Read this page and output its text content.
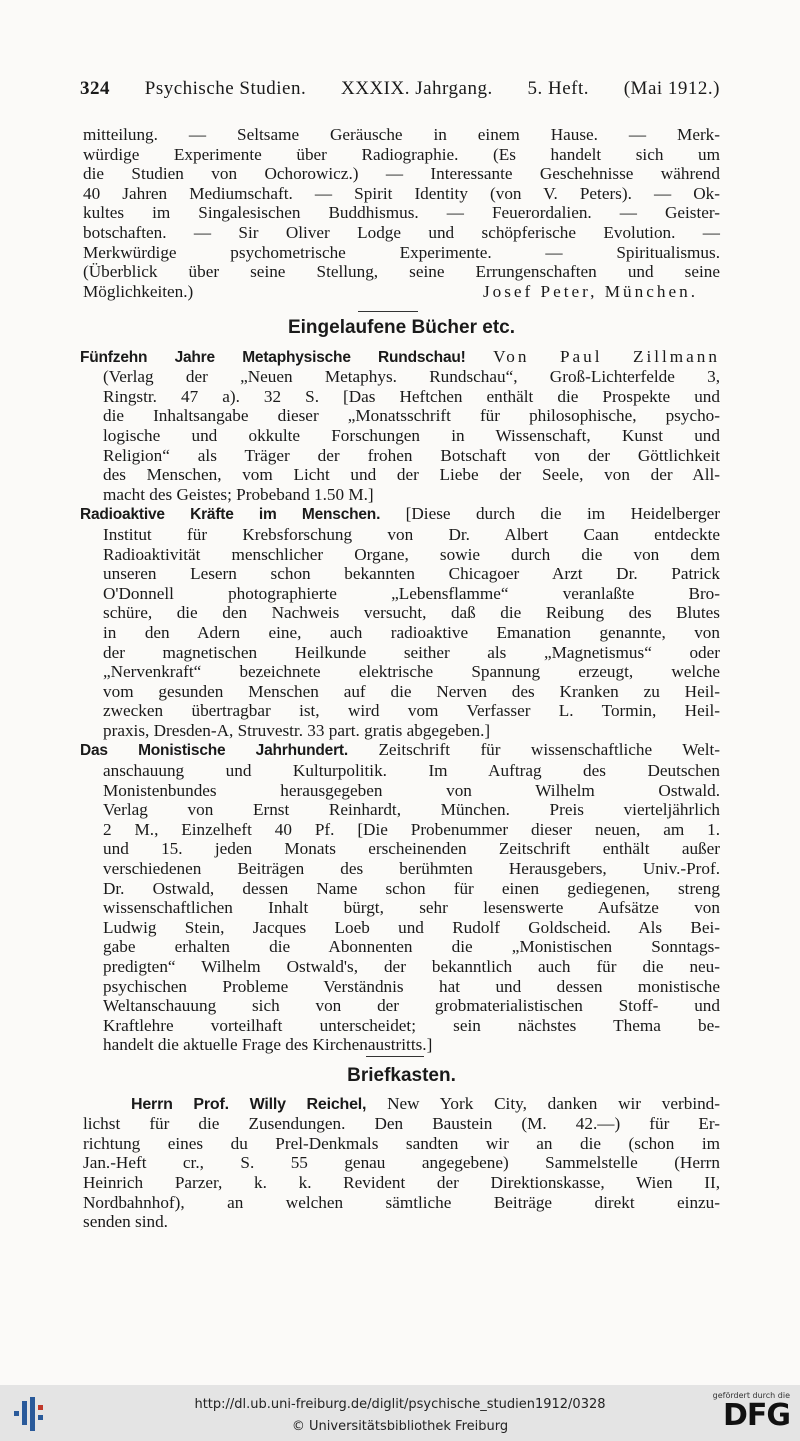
324 Psychische Studien. XXXIX. Jahrgang. 5. Heft. (Mai 1912.)
mitteilung. — Seltsame Geräusche in einem Hause. — Merk-
würdige Experimente über Radiographie. (Es handelt sich um
die Studien von Ochorowicz.) — Interessante Geschehnisse während
40 Jahren Mediumschaft. — Spirit Identity (von V. Peters). — Ok-
kultes im Singalesischen Buddhismus. — Feuerordalien. — Geister-
botschaften. — Sir Oliver Lodge und schöpferische Evolution. —
Merkwürdige psychometrische Experimente. — Spiritualismus.
(Überblick über seine Stellung, seine Errungenschaften und seine
Möglichkeiten.)	Josef Peter, München.
Eingelaufene Bücher etc.
Fünfzehn Jahre Metaphysische Rundschau! Von Paul Zillmann
(Verlag der „Neuen Metaphys. Rundschau“, Groß-Lichterfelde 3,
Ringstr. 47 a). 32 S. [Das Heftchen enthält die Prospekte und
die Inhaltsangabe dieser „Monatsschrift für philosophische, psycho-
logische und okkulte Forschungen in Wissenschaft, Kunst und
Religion“ als Träger der frohen Botschaft von der Göttlichkeit
des Menschen, vom Licht und der Liebe der Seele, von der All-
macht des Geistes; Probeband 1.50 M.]
Radioaktive Kräfte im Menschen. [Diese durch die im Heidelberger
Institut für Krebsforschung von Dr. Albert Caan entdeckte
Radioaktivität menschlicher Organe, sowie durch die von dem
unseren Lesern schon bekannten Chicagoer Arzt Dr. Patrick
O'Donnell photographierte „Lebensflamme“ veranlaßte Bro-
schüre, die den Nachweis versucht, daß die Reibung des Blutes
in den Adern eine, auch radioaktive Emanation genannte, von
der magnetischen Heilkunde seither als „Magnetismus“ oder
„Nervenkraft“ bezeichnete elektrische Spannung erzeugt, welche
vom gesunden Menschen auf die Nerven des Kranken zu Heil-
zwecken übertragbar ist, wird vom Verfasser L. Tormin, Heil-
praxis, Dresden-A, Struvestr. 33 part. gratis abgegeben.]
Das Monistische Jahrhundert. Zeitschrift für wissenschaftliche Welt-
anschauung und Kulturpolitik. Im Auftrag des Deutschen
Monistenbundes herausgegeben von Wilhelm Ostwald.
Verlag von Ernst Reinhardt, München. Preis vierteljährlich
2 M., Einzelheft 40 Pf. [Die Probenummer dieser neuen, am 1.
und 15. jeden Monats erscheinenden Zeitschrift enthält außer
verschiedenen Beiträgen des berühmten Herausgebers, Univ.-Prof.
Dr. Ostwald, dessen Name schon für einen gediegenen, streng
wissenschaftlichen Inhalt bürgt, sehr lesenswerte Aufsätze von
Ludwig Stein, Jacques Loeb und Rudolf Goldscheid. Als Bei-
gabe erhalten die Abonnenten die „Monistischen Sonntags-
predigten“ Wilhelm Ostwald's, der bekanntlich auch für die neu-
psychischen Probleme Verständnis hat und dessen monistische
Weltanschauung sich von der grobmaterialistischen Stoff- und
Kraftlehre vorteilhaft unterscheidet; sein nächstes Thema be-
handelt die aktuelle Frage des Kirchenaustritts.]
Briefkasten.
Herrn Prof. Willy Reichel, New York City, danken wir verbind-
lichst für die Zusendungen. Den Baustein (M. 42.—) für Er-
richtung eines du Prel-Denkmals sandten wir an die (schon im
Jan.-Heft cr., S. 55 genau angegebene) Sammelstelle (Herrn
Heinrich Parzer, k. k. Revident der Direktionskasse, Wien II,
Nordbahnhof), an welchen sämtliche Beiträge direkt einzu-
senden sind.
http://dl.ub.uni-freiburg.de/diglit/psychische_studien1912/0328
© Universitätsbibliothek Freiburg
gefördert durch die
DFG
